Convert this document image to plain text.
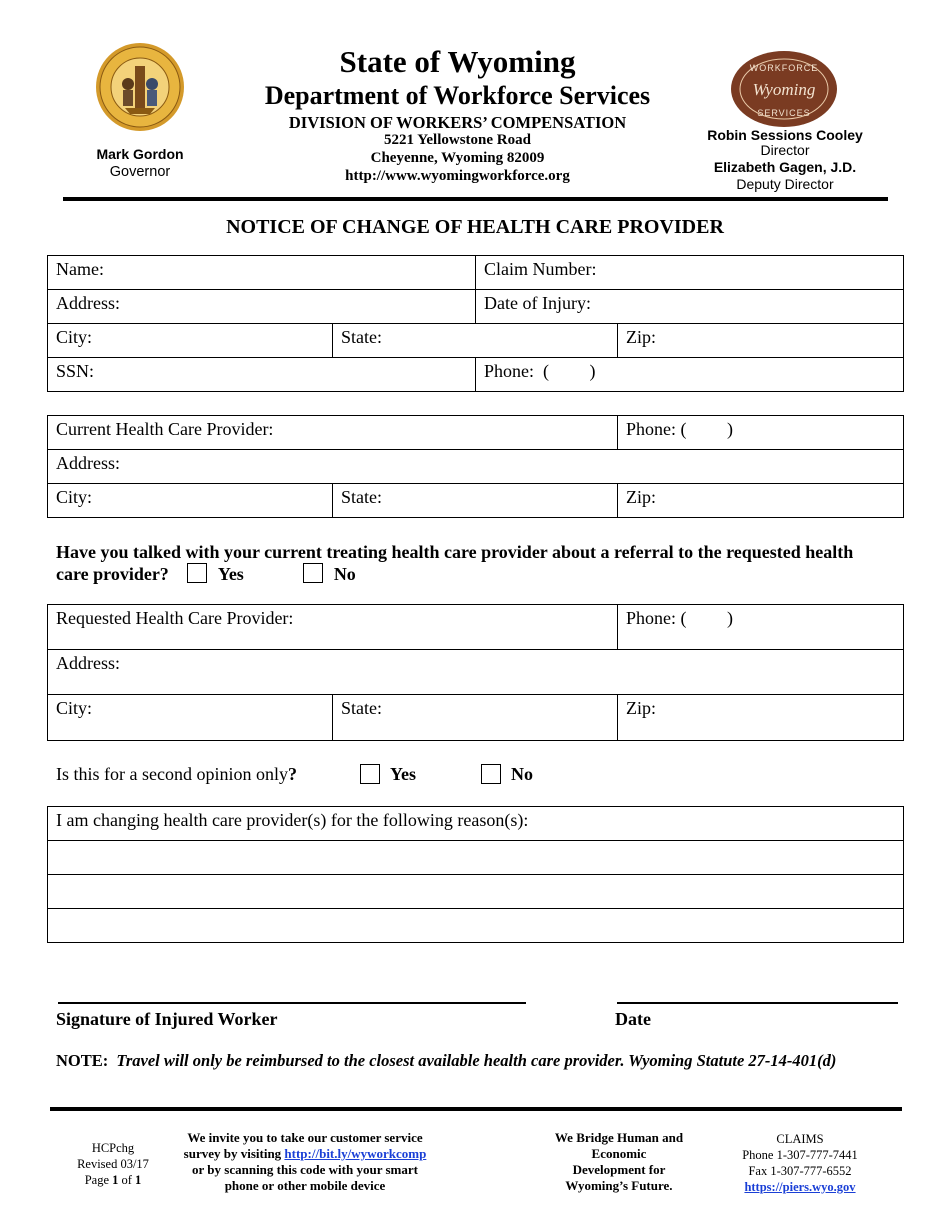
Mark Gordon
Governor
State of Wyoming
Department of Workforce Services
DIVISION OF WORKERS’ COMPENSATION
5221 Yellowstone Road
Cheyenne, Wyoming 82009
http://www.wyomingworkforce.org
WORKFORCE
Wyoming
SERVICES
Robin Sessions Cooley
Director
Elizabeth Gagen, J.D.
Deputy Director
NOTICE OF CHANGE OF HEALTH CARE PROVIDER
Name:		Claim Number:	
Address:		Date of Injury:	
City:	State:		Zip:
SSN:		Phone:  (         )	
Current Health Care Provider:		Phone: (         )
Address:		
City:	State:	Zip:
Have you talked with your current treating health care provider about a referral to the requested health
care provider?	Yes	No
Requested Health Care Provider:		Phone: (         )
Address:		
City:	State:	Zip:
Is this for a second opinion only?	Yes	No
I am changing health care provider(s) for the following reason(s):

Signature of Injured Worker	Date
NOTE: Travel will only be reimbursed to the closest available health care provider. Wyoming Statute 27-14-401(d)
HCPchg
Revised 03/17
Page 1 of 1
We invite you to take our customer service
survey by visiting http://bit.ly/wyworkcomp
or by scanning this code with your smart
phone or other mobile device
We Bridge Human and
Economic
Development for
Wyoming’s Future.
CLAIMS
Phone 1-307-777-7441
Fax 1-307-777-6552
https://piers.wyo.gov
